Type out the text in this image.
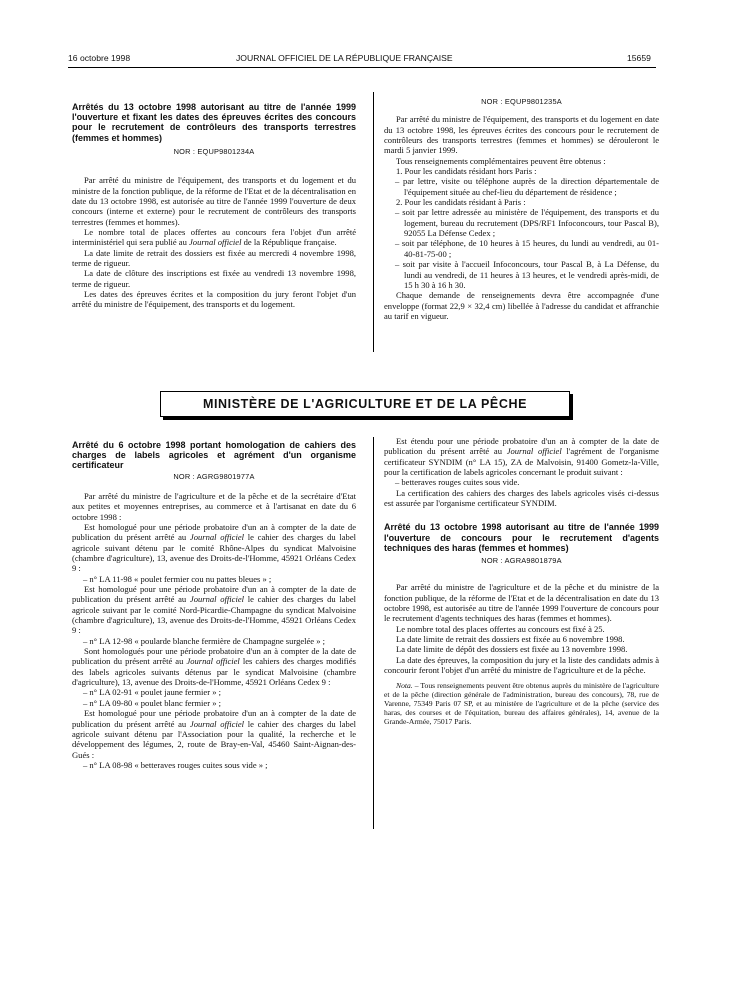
16 octobre 1998	JOURNAL OFFICIEL DE LA RÉPUBLIQUE FRANÇAISE	15659

Arrêtés du 13 octobre 1998 autorisant au titre de l'année 1999 l'ouverture et fixant les dates des épreuves écrites des concours pour le recrutement de contrôleurs des transports terrestres (femmes et hommes)

NOR : EQUP9801234A

Par arrêté du ministre de l'équipement, des transports et du logement et du ministre de la fonction publique, de la réforme de l'Etat et de la décentralisation en date du 13 octobre 1998, est autorisée au titre de l'année 1999 l'ouverture de deux concours (interne et externe) pour le recrutement de contrôleurs des transports terrestres (femmes et hommes).

Le nombre total de places offertes au concours fera l'objet d'un arrêté interministériel qui sera publié au Journal officiel de la République française.

La date limite de retrait des dossiers est fixée au mercredi 4 novembre 1998, terme de rigueur.

La date de clôture des inscriptions est fixée au vendredi 13 novembre 1998, terme de rigueur.

Les dates des épreuves écrites et la composition du jury feront l'objet d'un arrêté du ministre de l'équipement, des transports et du logement.

NOR : EQUP9801235A

Par arrêté du ministre de l'équipement, des transports et du logement en date du 13 octobre 1998, les épreuves écrites des concours pour le recrutement de contrôleurs des transports terrestres (femmes et hommes) se dérouleront le mardi 5 janvier 1999.

Tous renseignements complémentaires peuvent être obtenus :

1. Pour les candidats résidant hors Paris :

– par lettre, visite ou téléphone auprès de la direction départementale de l'équipement située au chef-lieu du département de résidence ;

2. Pour les candidats résidant à Paris :

– soit par lettre adressée au ministère de l'équipement, des transports et du logement, bureau du recrutement (DPS/RF1 Infoconcours, tour Pascal B), 92055 La Défense Cedex ;

– soit par téléphone, de 10 heures à 15 heures, du lundi au vendredi, au 01-40-81-75-00 ;

– soit par visite à l'accueil Infoconcours, tour Pascal B, à La Défense, du lundi au vendredi, de 11 heures à 13 heures, et le vendredi après-midi, de 15 h 30 à 16 h 30.

Chaque demande de renseignements devra être accompagnée d'une enveloppe (format 22,9 × 32,4 cm) libellée à l'adresse du candidat et affranchie au tarif en vigueur.

MINISTÈRE DE L'AGRICULTURE ET DE LA PÊCHE

Arrêté du 6 octobre 1998 portant homologation de cahiers des charges de labels agricoles et agrément d'un organisme certificateur

NOR : AGRG9801977A

Par arrêté du ministre de l'agriculture et de la pêche et de la secrétaire d'Etat aux petites et moyennes entreprises, au commerce et à l'artisanat en date du 6 octobre 1998 :

Est homologué pour une période probatoire d'un an à compter de la date de publication du présent arrêté au Journal officiel le cahier des charges du label agricole suivant détenu par le comité Rhône-Alpes du syndicat Malvoisine (chambre d'agriculture), 13, avenue des Droits-de-l'Homme, 45921 Orléans Cedex 9 :

– n° LA 11-98 « poulet fermier cou nu pattes bleues » ;

Est homologué pour une période probatoire d'un an à compter de la date de publication du présent arrêté au Journal officiel le cahier des charges du label agricole suivant par le comité Nord-Picardie-Champagne du syndicat Malvoisine (chambre d'agriculture), 13, avenue des Droits-de-l'Homme, 45921 Orléans Cedex 9 :

– n° LA 12-98 « poularde blanche fermière de Champagne surgelée » ;

Sont homologués pour une période probatoire d'un an à compter de la date de publication du présent arrêté au Journal officiel les cahiers des charges modifiés des labels agricoles suivants détenus par le syndicat Malvoisine (chambre d'agriculture), 13, avenue des Droits-de-l'Homme, 45921 Orléans Cedex 9 :

– n° LA 02-91 « poulet jaune fermier » ;

– n° LA 09-80 « poulet blanc fermier » ;

Est homologué pour une période probatoire d'un an à compter de la date de publication du présent arrêté au Journal officiel le cahier des charges du label agricole suivant détenu par l'Association pour la qualité, la recherche et le développement des légumes, 2, route de Bray-en-Val, 45460 Saint-Aignan-des-Gués :

– n° LA 08-98 « betteraves rouges cuites sous vide » ;

Est étendu pour une période probatoire d'un an à compter de la date de publication du présent arrêté au Journal officiel l'agrément de l'organisme certificateur SYNDIM (n° LA 15), ZA de Malvoisin, 91400 Gometz-la-Ville, pour la certification de labels agricoles concernant le produit suivant :

– betteraves rouges cuites sous vide.

La certification des cahiers des charges des labels agricoles visés ci-dessus est assurée par l'organisme certificateur SYNDIM.

Arrêté du 13 octobre 1998 autorisant au titre de l'année 1999 l'ouverture de concours pour le recrutement d'agents techniques des haras (femmes et hommes)

NOR : AGRA9801879A

Par arrêté du ministre de l'agriculture et de la pêche et du ministre de la fonction publique, de la réforme de l'Etat et de la décentralisation en date du 13 octobre 1998, est autorisée au titre de l'année 1999 l'ouverture de concours pour le recrutement d'agents techniques des haras (femmes et hommes).

Le nombre total des places offertes au concours est fixé à 25.

La date limite de retrait des dossiers est fixée au 6 novembre 1998.

La date limite de dépôt des dossiers est fixée au 13 novembre 1998.

La date des épreuves, la composition du jury et la liste des candidats admis à concourir feront l'objet d'un arrêté du ministre de l'agriculture et de la pêche.

Nota. – Tous renseignements peuvent être obtenus auprès du ministère de l'agriculture et de la pêche (direction générale de l'administration, bureau des concours), 78, rue de Varenne, 75349 Paris 07 SP, et au ministère de l'agriculture et de la pêche (service des haras, des courses et de l'équitation, bureau des affaires générales), 14, avenue de la Grande-Armée, 75017 Paris.
